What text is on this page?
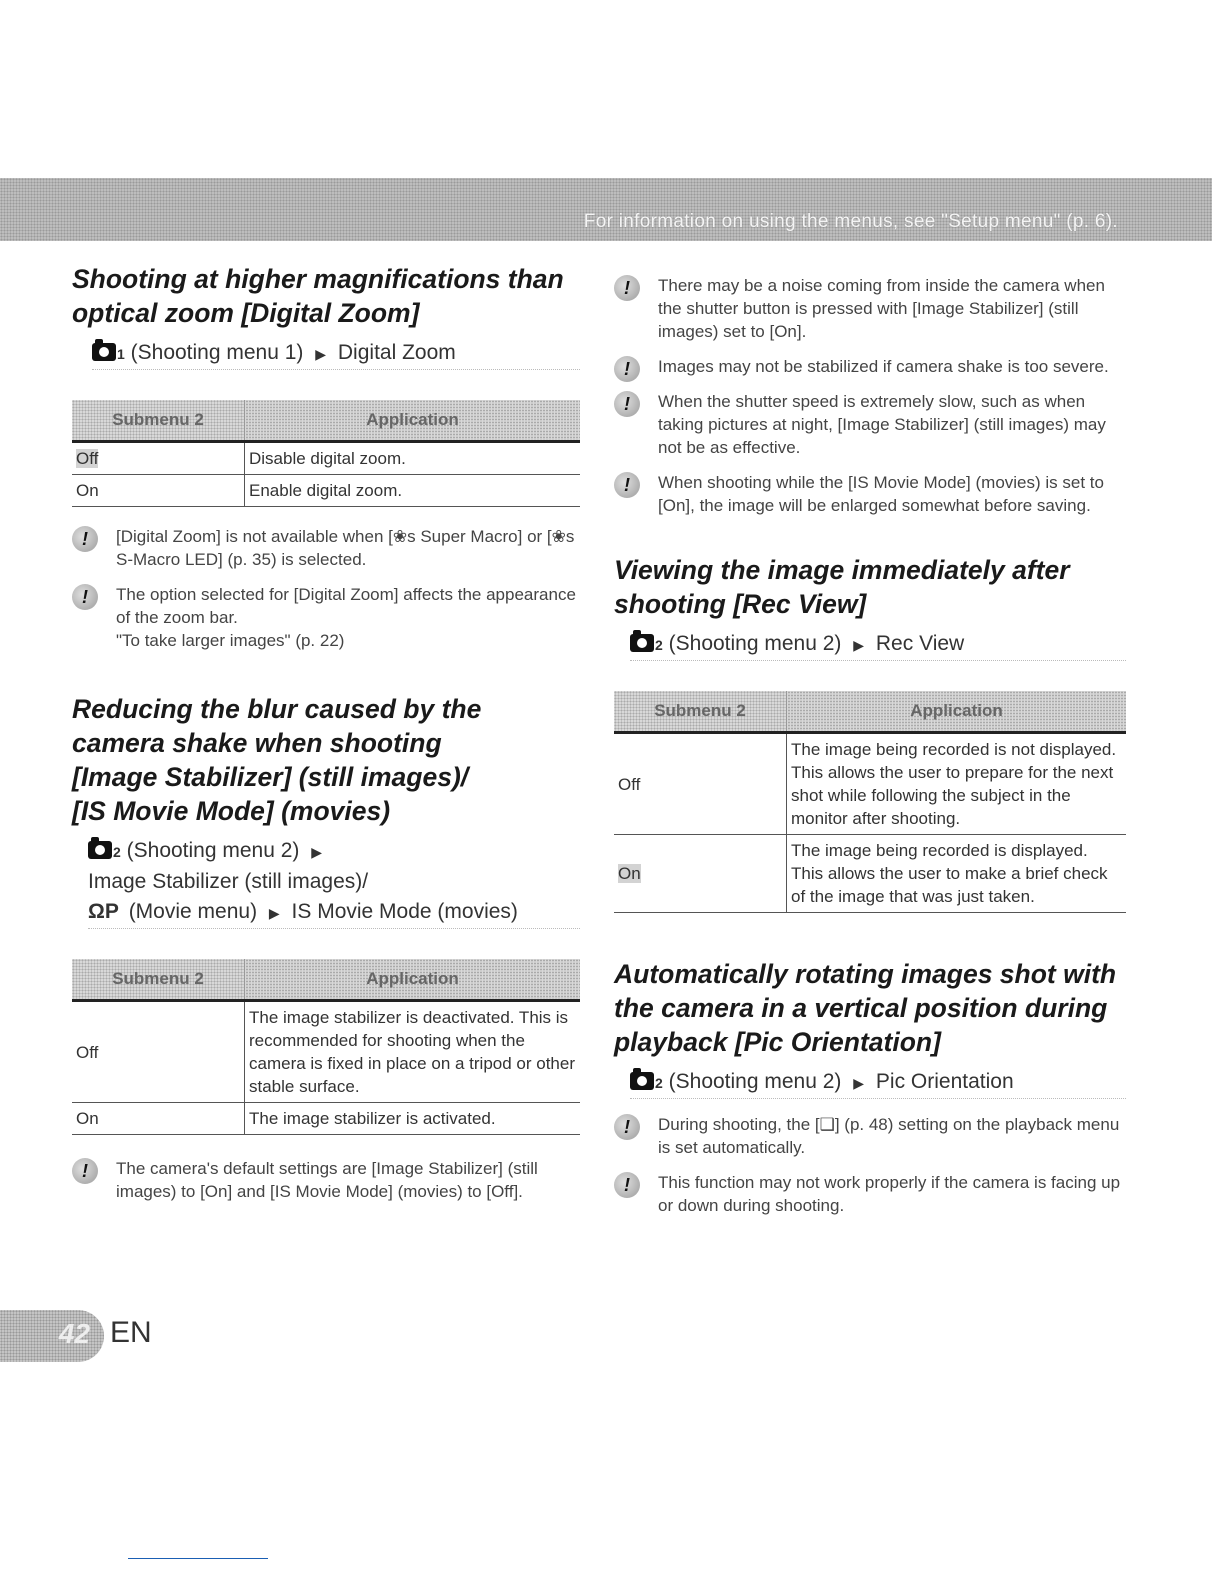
For information on using the menus, see "Setup menu" (p. 6).
Shooting at higher magnifications than optical zoom [Digital Zoom]
1 (Shooting menu 1) ▶ Digital Zoom
Submenu 2	Application
Off	Disable digital zoom.
On	Enable digital zoom.
!	[Digital Zoom] is not available when [❀s Super Macro] or [❀s S-Macro LED] (p. 35) is selected.
!	The option selected for [Digital Zoom] affects the appearance of the zoom bar.
"To take larger images" (p. 22)
Reducing the blur caused by the
camera shake when shooting
[Image Stabilizer] (still images)/
[IS Movie Mode] (movies)
2 (Shooting menu 2) ▶
Image Stabilizer (still images)/
ΩP (Movie menu) ▶ IS Movie Mode (movies)
Submenu 2	Application
Off	The image stabilizer is deactivated. This is recommended for shooting when the camera is fixed in place on a tripod or other stable surface.
On	The image stabilizer is activated.
!	The camera's default settings are [Image Stabilizer] (still images) to [On] and [IS Movie Mode] (movies) to [Off].
!	There may be a noise coming from inside the camera when the shutter button is pressed with [Image Stabilizer] (still images) set to [On].
!	Images may not be stabilized if camera shake is too severe.
!	When the shutter speed is extremely slow, such as when taking pictures at night, [Image Stabilizer] (still images) may not be as effective.
!	When shooting while the [IS Movie Mode] (movies) is set to [On], the image will be enlarged somewhat before saving.
Viewing the image immediately after
shooting [Rec View]
2 (Shooting menu 2) ▶ Rec View
Submenu 2	Application
Off	The image being recorded is not displayed. This allows the user to prepare for the next shot while following the subject in the monitor after shooting.
On	The image being recorded is displayed. This allows the user to make a brief check of the image that was just taken.
Automatically rotating images shot with
the camera in a vertical position during
playback [Pic Orientation]
2 (Shooting menu 2) ▶ Pic Orientation
!	During shooting, the [❑] (p. 48) setting on the playback menu is set automatically.
!	This function may not work properly if the camera is facing up or down during shooting.
42 EN
